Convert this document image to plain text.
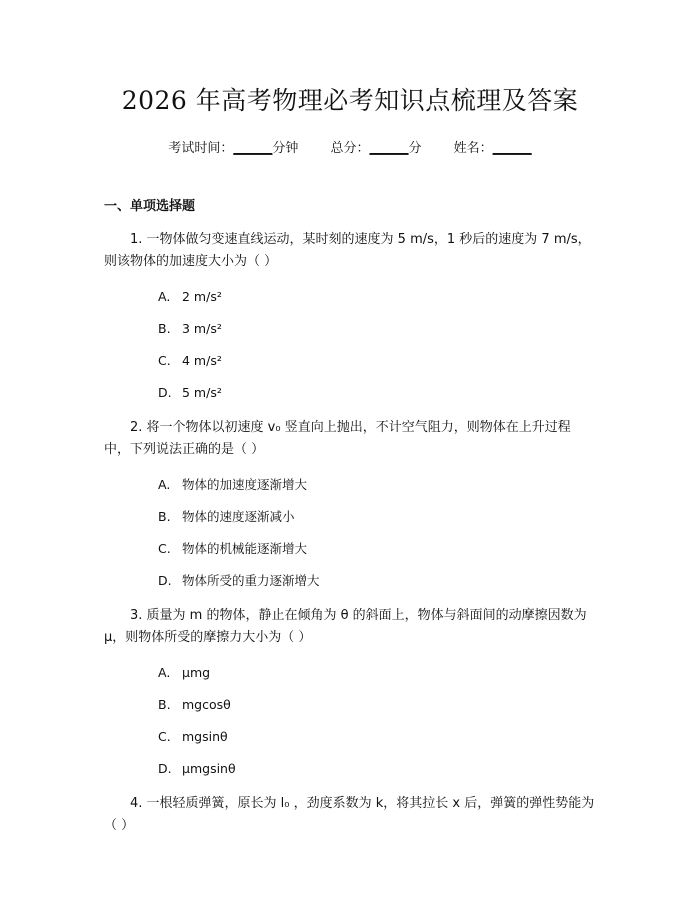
2026 年高考物理必考知识点梳理及答案
考试时间：______分钟 总分：______分 姓名：______
一、单项选择题

1. 一物体做匀变速直线运动，某时刻的速度为 5 m/s，1 秒后的速度为 7 m/s，则该物体的加速度大小为（ ）

A. 2 m/s²
B. 3 m/s²
C. 4 m/s²
D. 5 m/s²

2. 将一个物体以初速度 v₀ 竖直向上抛出，不计空气阻力，则物体在上升过程中，下列说法正确的是（ ）

A. 物体的加速度逐渐增大
B. 物体的速度逐渐减小
C. 物体的机械能逐渐增大
D. 物体所受的重力逐渐增大

3. 质量为 m 的物体，静止在倾角为 θ 的斜面上，物体与斜面间的动摩擦因数为 μ，则物体所受的摩擦力大小为（ ）

A. μmg
B. mgcosθ
C. mgsinθ
D. μmgsinθ

4. 一根轻质弹簧，原长为 l₀ ，劲度系数为 k，将其拉长 x 后，弹簧的弹性势能为（ ）
